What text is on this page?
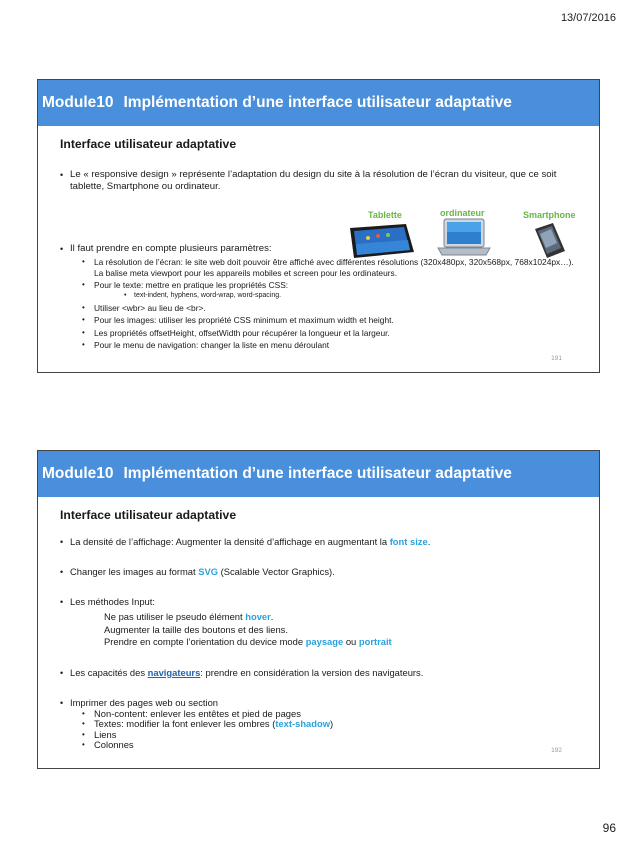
13/07/2016
Module10 Implémentation d’une interface utilisateur adaptative
Interface utilisateur adaptative
• Le « responsive design » représente l’adaptation du design du site à la résolution de l’écran du visiteur, que ce soit tablette, Smartphone ou ordinateur.
• Il faut prendre en compte plusieurs paramètres:
• La résolution de l’écran: le site web doit pouvoir être affiché avec différentes résolutions (320x480px, 320x568px, 768x1024px…).
La balise meta viewport pour les appareils mobiles et screen pour les ordinateurs.
• Pour le texte: mettre en pratique les propriétés CSS:
• text-indent, hyphens, word-wrap, word-spacing.
• Utiliser <wbr> au lieu de <br>.
• Pour les images: utiliser les propriété CSS minimum et maximum width et height.
• Les propriétés offsetHeight, offsetWidth pour récupérer la longueur et la largeur.
• Pour le menu de navigation: changer la liste en menu déroulant
Tablette	ordinateur	Smartphone
191
Module10 Implémentation d’une interface utilisateur adaptative
Interface utilisateur adaptative
• La densité de l’affichage: Augmenter la densité d’affichage en augmentant la font size.
• Changer les images au format SVG (Scalable Vector Graphics).
• Les méthodes Input:
Ne pas utiliser le pseudo élément hover.
Augmenter la taille des boutons et des liens.
Prendre en compte l’orientation du device mode paysage ou portrait
• Les capacités des navigateurs: prendre en considération la version des navigateurs.
• Imprimer des pages web ou section
• Non-content: enlever les entêtes et pied de pages
• Textes: modifier la font enlever les ombres (text-shadow)
• Liens
• Colonnes
192
96
